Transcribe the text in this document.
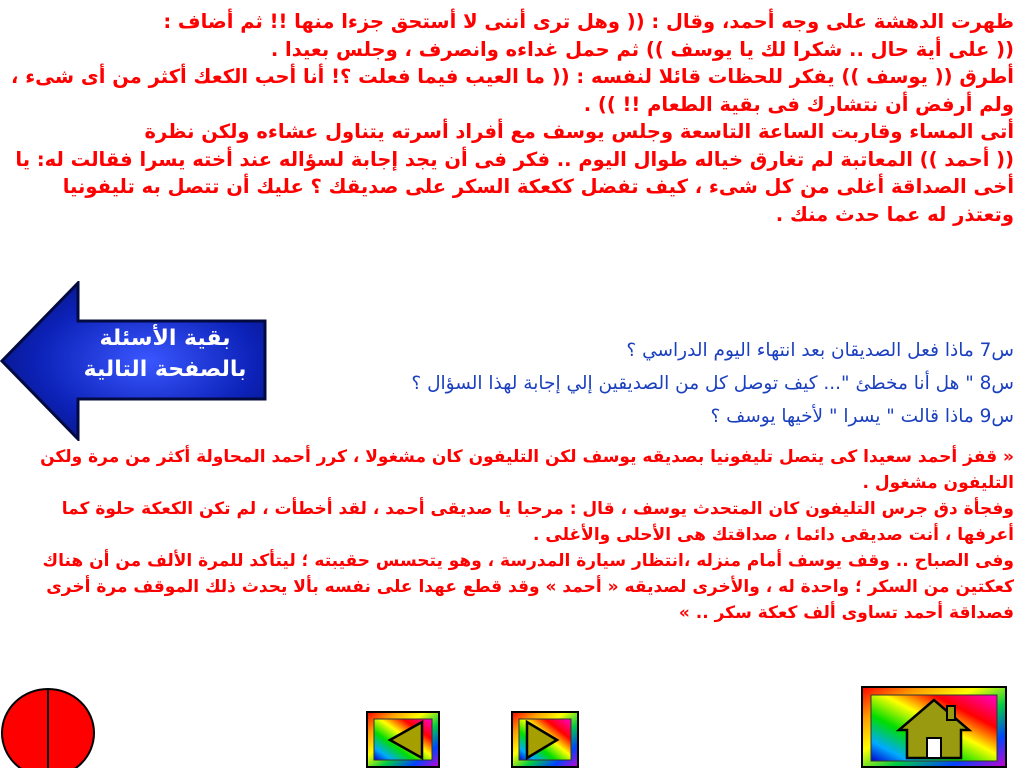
ظهرت الدهشة على وجه أحمد، وقال : (( وهل ترى أننى لا أستحق جزءا منها !! ثم أضاف :

(( على أية حال .. شكرا لك يا يوسف )) ثم حمل غداءه وانصرف ، وجلس بعيدا .

أطرق (( يوسف )) يفكر للحظات قائلا لنفسه : (( ما العيب فيما فعلت ؟! أنا أحب الكعك أكثر من أى شىء ، ولم أرفض أن نتشارك فى بقية الطعام !! )) .

أتى المساء وقاربت الساعة التاسعة وجلس يوسف مع أفراد أسرته يتناول عشاءه ولكن نظرة

(( أحمد )) المعاتبة لم تغارق خياله طوال اليوم .. فكر فى أن يجد إجابة لسؤاله عند أخته يسرا فقالت له: يا أخى الصداقة أغلى من كل شىء ، كيف تفضل ككعكة السكر على صديقك ؟ عليك أن تتصل به تليفونيا وتعتذر له عما حدث منك .

بقية الأسئلة بالصفحة التالية

س7 ماذا فعل الصديقان بعد انتهاء اليوم الدراسي ؟

س8 " هل أنا مخطئ "... كيف توصل كل من الصديقين إلي إجابة لهذا السؤال ؟

س9 ماذا قالت " يسرا " لأخيها يوسف ؟

« قفز أحمد سعيدا كى يتصل تليفونيا بصديقه يوسف لكن التليفون كان مشغولا ، كرر أحمد المحاولة أكثر من مرة ولكن التليفون مشغول .

وفجأة دق جرس التليفون كان المتحدث يوسف ، قال : مرحبا يا صديقى أحمد ، لقد أخطأت ، لم تكن الكعكة حلوة كما أعرفها ، أنت صديقى دائما ، صداقتك هى الأحلى والأغلى .

وفى الصباح .. وقف يوسف أمام منزله ،انتظار سيارة المدرسة ، وهو يتحسس حقيبته ؛ ليتأكد للمرة الألف من أن هناك كعكتين من السكر ؛ واحدة له ، والأخرى لصديقه « أحمد » وقد قطع عهدا على نفسه بألا يحدث ذلك الموقف مرة أخرى فصداقة أحمد تساوى ألف كعكة سكر .. »
